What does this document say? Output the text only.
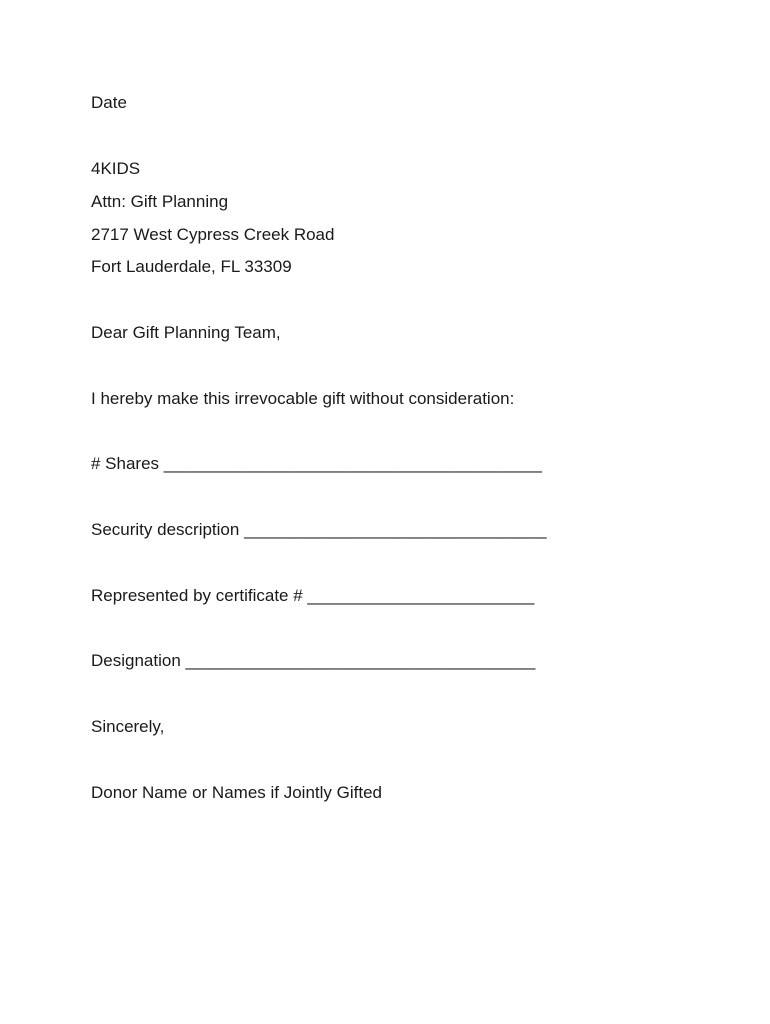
Date

4KIDS

Attn: Gift Planning

2717 West Cypress Creek Road

Fort Lauderdale, FL 33309

Dear Gift Planning Team,

I hereby make this irrevocable gift without consideration:

# Shares ________________________________________

Security description ________________________________

Represented by certificate # ________________________

Designation _____________________________________

Sincerely,

Donor Name or Names if Jointly Gifted
